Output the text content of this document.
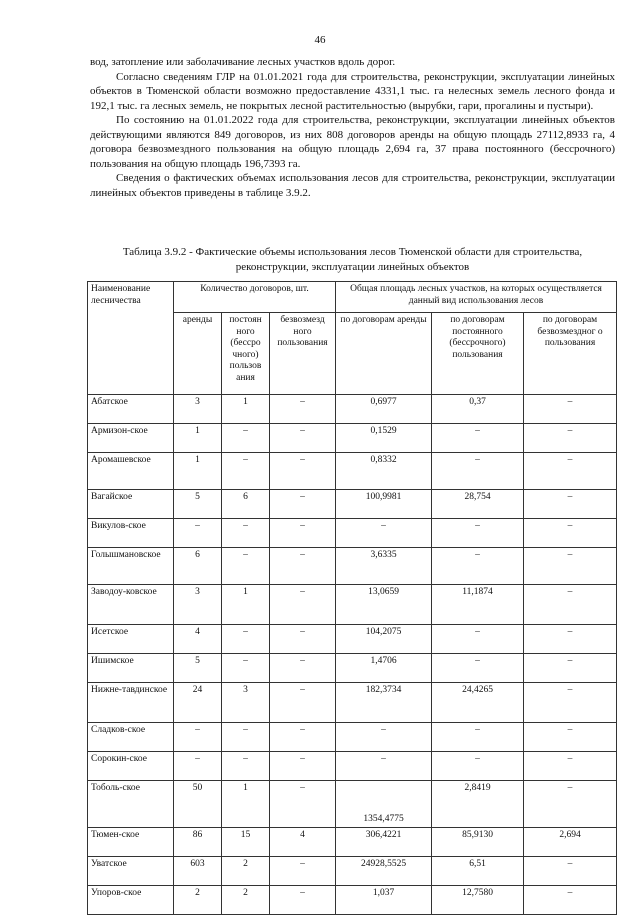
46

вод, затопление или заболачивание лесных участков вдоль дорог.

Согласно сведениям ГЛР на 01.01.2021 года для строительства, реконструкции, эксплуатации линейных объектов в Тюменской области возможно предоставление 4331,1 тыс. га нелесных земель лесного фонда и 192,1 тыс. га лесных земель, не покрытых лесной растительностью (вырубки, гари, прогалины и пустыри).

По состоянию на 01.01.2022 года для строительства, реконструкции, эксплуатации линейных объектов действующими являются 849 договоров, из них 808 договоров аренды на общую площадь 27112,8933 га, 4 договора безвозмездного пользования на общую площадь 2,694 га, 37 права постоянного (бессрочного) пользования на общую площадь 196,7393 га.

Сведения о фактических объемах использования лесов для строительства, реконструкции, эксплуатации линейных объектов приведены в таблице 3.9.2.

Таблица 3.9.2 - Фактические объемы использования лесов Тюменской области для строительства, реконструкции, эксплуатации линейных объектов
Наименование лесничества	Количество договоров, шт.			Общая площадь лесных участков, на которых осуществляется данный вид использования лесов		
	аренды	постоян ного (бессро чного) пользов ания	безвозмезд ного пользования	по договорам аренды	по договорам постоянного (бессрочного) пользования	по договорам безвозмездног о пользования
Абатское	3	1	–	0,6977	0,37	–
Армизон-ское	1	–	–	0,1529	–	–
Аромашевское	1	–	–	0,8332	–	–
Вагайское	5	6	–	100,9981	28,754	–
Викулов-ское	–	–	–	–	–	–
Голышмановское	6	–	–	3,6335	–	–
Заводоу-ковское	3	1	–	13,0659	11,1874	–
Исетское	4	–	–	104,2075	–	–
Ишимское	5	–	–	1,4706	–	–
Нижне-тавдинское	24	3	–	182,3734	24,4265	–
Сладков-ское	–	–	–	–	–	–
Сорокин-ское	–	–	–	–	–	–
Тоболь-ское	50	1	–	1354,4775	2,8419	–
Тюмен-ское	86	15	4	306,4221	85,9130	2,694
Уватское	603	2	–	24928,5525	6,51	–
Упоров-ское	2	2	–	1,037	12,7580	–
